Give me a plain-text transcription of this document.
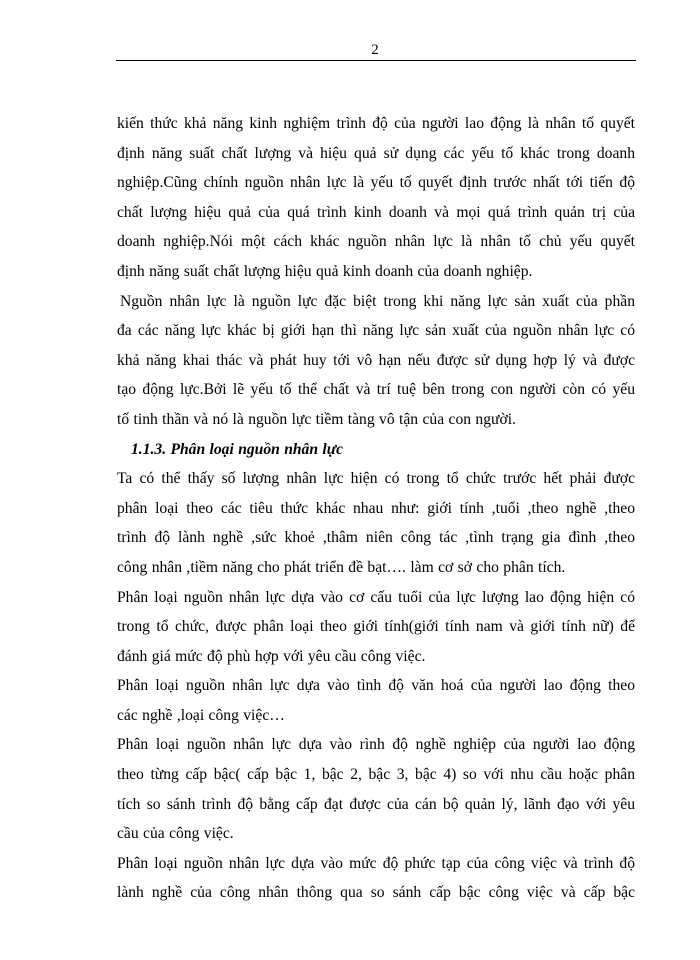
2
kiến thức khả năng kinh nghiệm trình độ của người lao động là nhân tố quyết
định năng suất chất lượng và hiệu quả sử dụng các yếu tố khác trong doanh
nghiệp.Cũng chính nguồn nhân lực là yếu tố quyết định trước nhất tới tiến độ
chất lượng hiệu quả của quá trình kinh doanh và mọi quá trình quản trị của
doanh nghiệp.Nói một cách khác nguồn nhân lực là nhân tố chủ yếu quyết
định năng suất chất lượng hiệu quả kinh doanh của doanh nghiệp.
Nguồn nhân lực là nguồn lực đặc biệt trong khi năng lực sản xuất của phần
đa các năng lực khác bị giới hạn thì năng lực sản xuất của nguồn nhân lực có
khả năng khai thác và phát huy tới vô hạn nếu được sử dụng hợp lý và được
tạo động lực.Bởi lẽ yếu tố thể chất và trí tuệ bên trong con người còn có yếu
tố tinh thần và nó là nguồn lực tiềm tàng vô tận của con người.
1.1.3. Phân loại nguồn nhân lực
Ta có thể thấy số lượng nhân lực hiện có trong tổ chức trước hết phải được
phân loại theo các tiêu thức khác nhau như: giới tính ,tuổi ,theo nghề ,theo
trình độ lành nghề ,sức khoẻ ,thâm niên công tác ,tình trạng gia đình ,theo
công nhân ,tiềm năng cho phát triển đề bạt…. làm cơ sở cho phân tích.
Phân loại nguồn nhân lực dựa vào cơ cấu tuổi của lực lượng lao động hiện có
trong tổ chức, được phân loại theo giới tính(giới tính nam và giới tính nữ) để
đánh giá mức độ phù hợp với yêu cầu công việc.
Phân loại nguồn nhân lực dựa vào tình độ văn hoá của người lao động theo
các nghề ,loại công việc…
Phân loại nguồn nhân lực dựa vào rình độ nghề nghiệp của người lao động
theo từng cấp bậc( cấp bậc 1, bậc 2, bậc 3, bậc 4) so với nhu cầu hoặc phân
tích so sánh trình độ bằng cấp đạt được của cán bộ quản lý, lãnh đạo với yêu
cầu của công việc.
Phân loại nguồn nhân lực dựa vào mức độ phức tạp của công việc và trình độ
lành nghề của công nhân thông qua so sánh cấp bậc công việc và cấp bậc
